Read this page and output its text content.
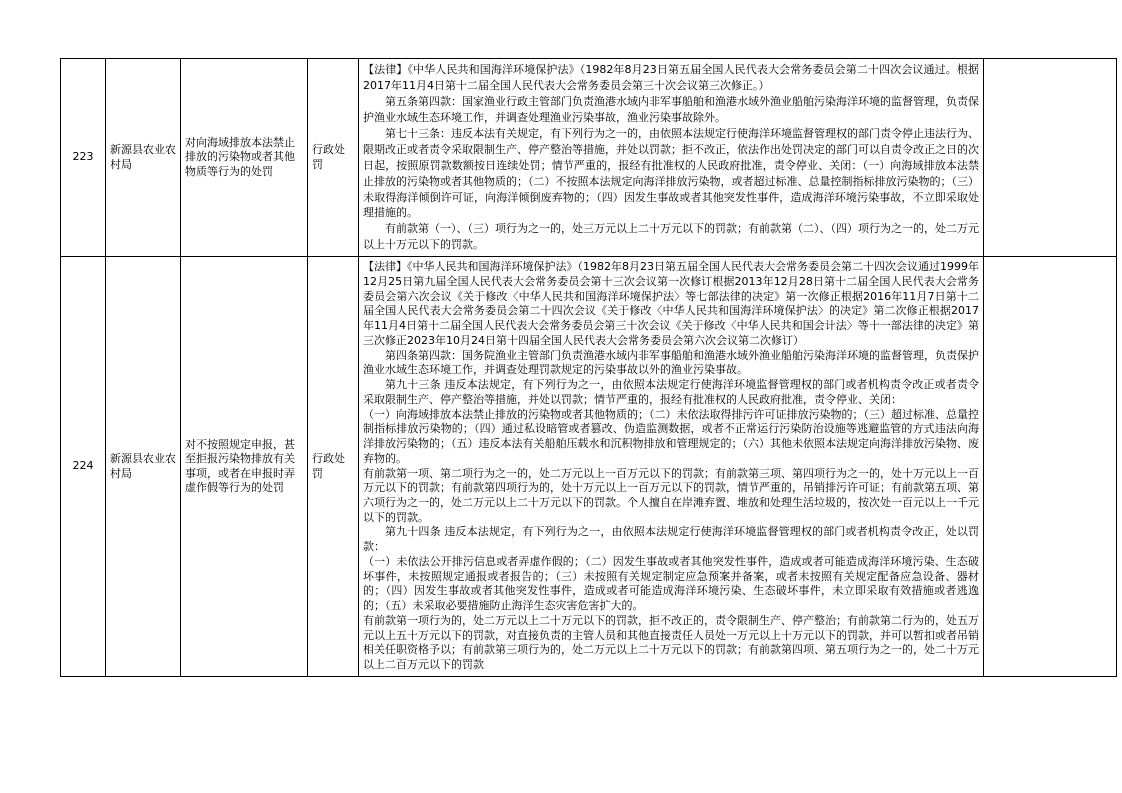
223	新源县农业农村局	对向海域排放本法禁止排放的污染物或者其他物质等行为的处罚	行政处罚	【法律】《中华人民共和国海洋环境保护法》（1982年8月23日第五届全国人民代表大会常务委员会第二十四次会议通过。根据2017年11月4日第十二届全国人民代表大会常务委员会第三十次会议第三次修正。）

第五条第四款：国家渔业行政主管部门负责渔港水域内非军事船舶和渔港水域外渔业船舶污染海洋环境的监督管理，负责保护渔业水域生态环境工作，并调查处理渔业污染事故，渔业污染事故除外。

第七十三条：违反本法有关规定，有下列行为之一的，由依照本法规定行使海洋环境监督管理权的部门责令停止违法行为、限期改正或者责令采取限制生产、停产整治等措施，并处以罚款；拒不改正，依法作出处罚决定的部门可以自责令改正之日的次日起，按照原罚款数额按日连续处罚；情节严重的，报经有批准权的人民政府批准，责令停业、关闭：（一）向海域排放本法禁止排放的污染物或者其他物质的；（二）不按照本法规定向海洋排放污染物，或者超过标准、总量控制指标排放污染物的；（三）未取得海洋倾倒许可证，向海洋倾倒废弃物的；（四）因发生事故或者其他突发性事件，造成海洋环境污染事故，不立即采取处理措施的。

有前款第（一）、（三）项行为之一的，处三万元以上二十万元以下的罚款；有前款第（二）、（四）项行为之一的，处二万元以上十万元以下的罚款。	

224	新源县农业农村局	对不按照规定申报，甚至拒报污染物排放有关事项，或者在申报时弄虚作假等行为的处罚	行政处罚	

【法律】《中华人民共和国海洋环境保护法》（1982年8月23日第五届全国人民代表大会常务委员会第二十四次会议通过1999年12月25日第九届全国人民代表大会常务委员会第十三次会议第一次修订根据2013年12月28日第十二届全国人民代表大会常务委员会第六次会议《关于修改〈中华人民共和国海洋环境保护法〉等七部法律的决定》第一次修正根据2016年11月7日第十二届全国人民代表大会常务委员会第二十四次会议《关于修改〈中华人民共和国海洋环境保护法〉的决定》第二次修正根据2017年11月4日第十二届全国人民代表大会常务委员会第三十次会议《关于修改〈中华人民共和国会计法〉等十一部法律的决定》第三次修正2023年10月24日第十四届全国人民代表大会常务委员会第六次会议第二次修订）

第四条第四款：国务院渔业主管部门负责渔港水域内非军事船舶和渔港水域外渔业船舶污染海洋环境的监督管理，负责保护渔业水域生态环境工作，并调查处理罚款规定的污染事故以外的渔业污染事故。

第九十三条 违反本法规定，有下列行为之一，由依照本法规定行使海洋环境监督管理权的部门或者机构责令改正或者责令采取限制生产、停产整治等措施，并处以罚款；情节严重的，报经有批准权的人民政府批准，责令停业、关闭：

（一）向海域排放本法禁止排放的污染物或者其他物质的；（二）未依法取得排污许可证排放污染物的；（三）超过标准、总量控制指标排放污染物的；（四）通过私设暗管或者篡改、伪造监测数据，或者不正常运行污染防治设施等逃避监管的方式违法向海洋排放污染物的；（五）违反本法有关船舶压载水和沉积物排放和管理规定的；（六）其他未依照本法规定向海洋排放污染物、废弃物的。

有前款第一项、第二项行为之一的，处二万元以上一百万元以下的罚款；有前款第三项、第四项行为之一的，处十万元以上一百万元以下的罚款；有前款第四项行为的，处十万元以上一百万元以下的罚款，情节严重的，吊销排污许可证；有前款第五项、第六项行为之一的，处二万元以上二十万元以下的罚款。个人擅自在岸滩弃置、堆放和处理生活垃圾的，按次处一百元以上一千元以下的罚款。

第九十四条 违反本法规定，有下列行为之一，由依照本法规定行使海洋环境监督管理权的部门或者机构责令改正，处以罚款：

（一）未依法公开排污信息或者弄虚作假的；（二）因发生事故或者其他突发性事件，造成或者可能造成海洋环境污染、生态破坏事件，未按照规定通报或者报告的；（三）未按照有关规定制定应急预案并备案，或者未按照有关规定配备应急设备、器材的；（四）因发生事故或者其他突发性事件，造成或者可能造成海洋环境污染、生态破坏事件，未立即采取有效措施或者逃逸的；（五）未采取必要措施防止海洋生态灾害危害扩大的。

有前款第一项行为的，处二万元以上二十万元以下的罚款，拒不改正的，责令限制生产、停产整治；有前款第二行为的，处五万元以上五十万元以下的罚款，对直接负责的主管人员和其他直接责任人员处一万元以上十万元以下的罚款，并可以暂扣或者吊销相关任职资格予以；有前款第三项行为的，处二万元以上二十万元以下的罚款；有前款第四项、第五项行为之一的，处二十万元以上二百万元以下的罚款
